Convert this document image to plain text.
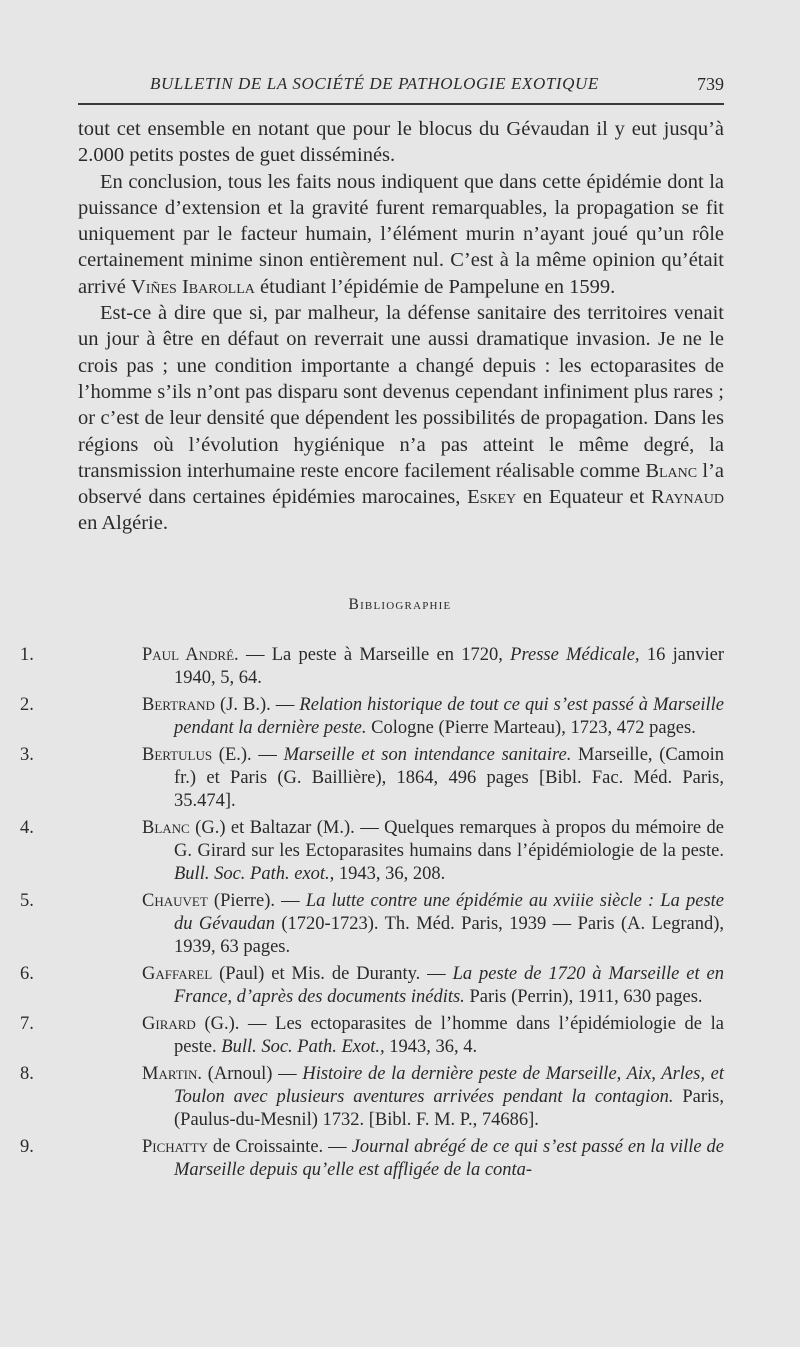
BULLETIN DE LA SOCIÉTÉ DE PATHOLOGIE EXOTIQUE	739

tout cet ensemble en notant que pour le blocus du Gévaudan il y eut jusqu’à 2.000 petits postes de guet disséminés.

En conclusion, tous les faits nous indiquent que dans cette épidémie dont la puissance d’extension et la gravité furent remarquables, la propagation se fit uniquement par le facteur humain, l’élément murin n’ayant joué qu’un rôle certainement minime sinon entièrement nul. C’est à la même opinion qu’était arrivé Viñes Ibarolla étudiant l’épidémie de Pampelune en 1599.

Est-ce à dire que si, par malheur, la défense sanitaire des territoires venait un jour à être en défaut on reverrait une aussi dramatique invasion. Je ne le crois pas ; une condition importante a changé depuis : les ectoparasites de l’homme s’ils n’ont pas disparu sont devenus cependant infiniment plus rares ; or c’est de leur densité que dépendent les possibilités de propagation. Dans les régions où l’évolution hygiénique n’a pas atteint le même degré, la transmission interhumaine reste encore facilement réalisable comme Blanc l’a observé dans certaines épidémies marocaines, Eskey en Equateur et Raynaud en Algérie.

Bibliographie
1.	Paul André. — La peste à Marseille en 1720, Presse Médicale, 16 janvier 1940, 5, 64.
2.	Bertrand (J. B.). — Relation historique de tout ce qui s’est passé à Marseille pendant la dernière peste. Cologne (Pierre Marteau), 1723, 472 pages.
3.	Bertulus (E.). — Marseille et son intendance sanitaire. Marseille, (Camoin fr.) et Paris (G. Baillière), 1864, 496 pages [Bibl. Fac. Méd. Paris, 35.474].
4.	Blanc (G.) et Baltazar (M.). — Quelques remarques à propos du mémoire de G. Girard sur les Ectoparasites humains dans l’épidémiologie de la peste. Bull. Soc. Path. exot., 1943, 36, 208.
5.	Chauvet (Pierre). — La lutte contre une épidémie au xviiie siècle : La peste du Gévaudan (1720-1723). Th. Méd. Paris, 1939 — Paris (A. Legrand), 1939, 63 pages.
6.	Gaffarel (Paul) et Mis. de Duranty. — La peste de 1720 à Marseille et en France, d’après des documents inédits. Paris (Perrin), 1911, 630 pages.
7.	Girard (G.). — Les ectoparasites de l’homme dans l’épidémiologie de la peste. Bull. Soc. Path. Exot., 1943, 36, 4.
8.	Martin. (Arnoul) — Histoire de la dernière peste de Marseille, Aix, Arles, et Toulon avec plusieurs aventures arrivées pendant la contagion. Paris, (Paulus-du-Mesnil) 1732. [Bibl. F. M. P., 74686].
9.	Pichatty de Croissainte. — Journal abrégé de ce qui s’est passé en la ville de Marseille depuis qu’elle est affligée de la conta-
